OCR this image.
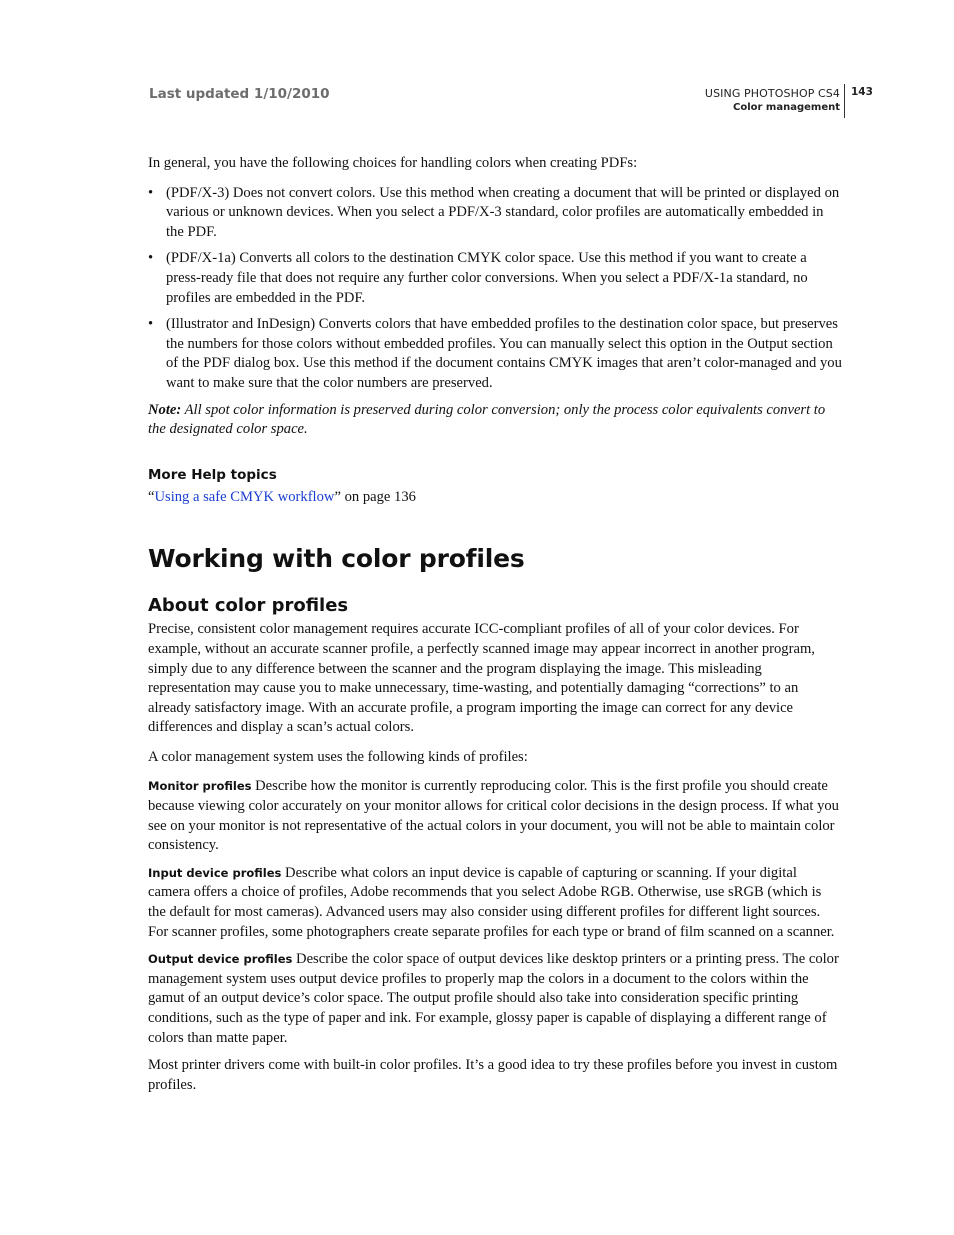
Last updated 1/10/2010	USING PHOTOSHOP CS4
Color management
143

In general, you have the following choices for handling colors when creating PDFs:

• (PDF/X-3) Does not convert colors. Use this method when creating a document that will be printed or displayed on various or unknown devices. When you select a PDF/X-3 standard, color profiles are automatically embedded in the PDF.
• (PDF/X-1a) Converts all colors to the destination CMYK color space. Use this method if you want to create a press-ready file that does not require any further color conversions. When you select a PDF/X-1a standard, no profiles are embedded in the PDF.
• (Illustrator and InDesign) Converts colors that have embedded profiles to the destination color space, but preserves the numbers for those colors without embedded profiles. You can manually select this option in the Output section of the PDF dialog box. Use this method if the document contains CMYK images that aren’t color-managed and you want to make sure that the color numbers are preserved.

Note: All spot color information is preserved during color conversion; only the process color equivalents convert to the designated color space.

More Help topics

“Using a safe CMYK workflow” on page 136

Working with color profiles
About color profiles

Precise, consistent color management requires accurate ICC-compliant profiles of all of your color devices. For example, without an accurate scanner profile, a perfectly scanned image may appear incorrect in another program, simply due to any difference between the scanner and the program displaying the image. This misleading representation may cause you to make unnecessary, time-wasting, and potentially damaging “corrections” to an already satisfactory image. With an accurate profile, a program importing the image can correct for any device differences and display a scan’s actual colors.

A color management system uses the following kinds of profiles:

Monitor profiles Describe how the monitor is currently reproducing color. This is the first profile you should create because viewing color accurately on your monitor allows for critical color decisions in the design process. If what you see on your monitor is not representative of the actual colors in your document, you will not be able to maintain color consistency.

Input device profiles Describe what colors an input device is capable of capturing or scanning. If your digital camera offers a choice of profiles, Adobe recommends that you select Adobe RGB. Otherwise, use sRGB (which is the default for most cameras). Advanced users may also consider using different profiles for different light sources. For scanner profiles, some photographers create separate profiles for each type or brand of film scanned on a scanner.

Output device profiles Describe the color space of output devices like desktop printers or a printing press. The color management system uses output device profiles to properly map the colors in a document to the colors within the gamut of an output device’s color space. The output profile should also take into consideration specific printing conditions, such as the type of paper and ink. For example, glossy paper is capable of displaying a different range of colors than matte paper.

Most printer drivers come with built-in color profiles. It’s a good idea to try these profiles before you invest in custom profiles.
